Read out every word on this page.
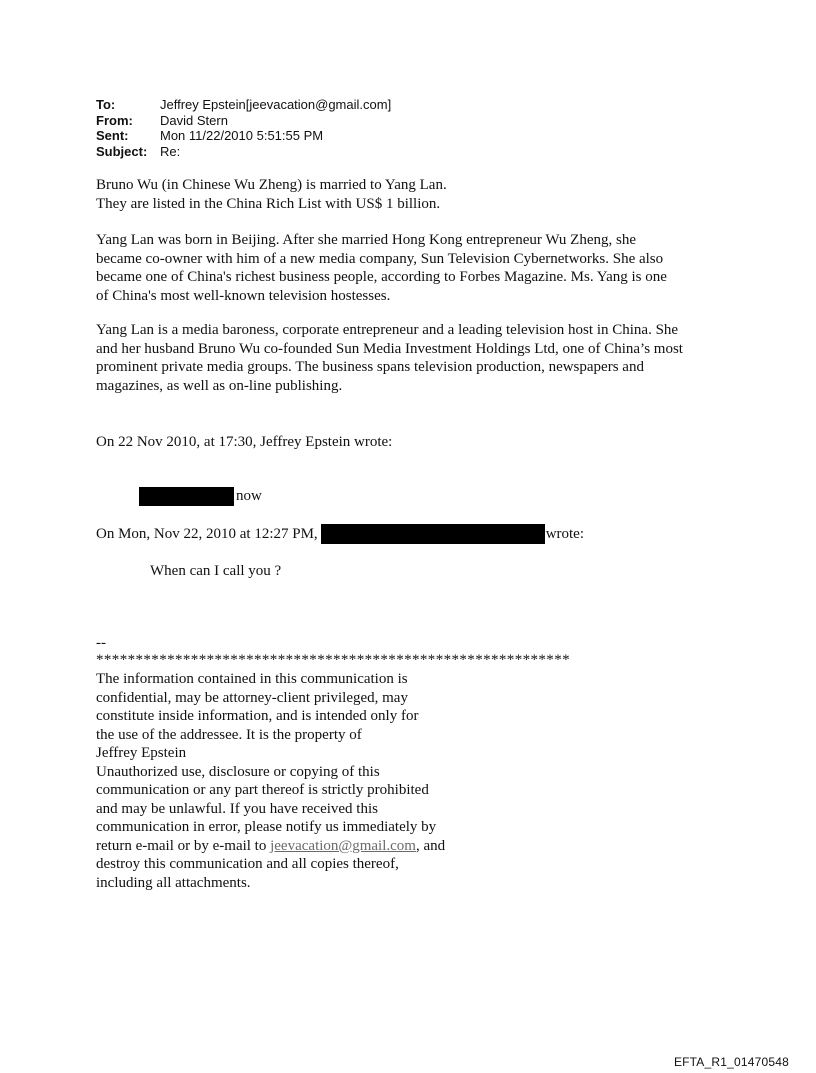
To:	Jeffrey Epstein[jeevacation@gmail.com]
From:	David Stern
Sent:	Mon 11/22/2010 5:51:55 PM
Subject: Re:
Bruno Wu (in Chinese Wu Zheng) is married to Yang Lan.
They are listed in the China Rich List with US$ 1 billion.
Yang Lan was born in Beijing. After she married Hong Kong entrepreneur Wu Zheng, she
became co-owner with him of a new media company, Sun Television Cybernetworks. She also
became one of China's richest business people, according to Forbes Magazine. Ms. Yang is one
of China's most well-known television hostesses.
Yang Lan is a media baroness, corporate entrepreneur and a leading television host in China. She
and her husband Bruno Wu co-founded Sun Media Investment Holdings Ltd, one of China’s most
prominent private media groups. The business spans television production, newspapers and
magazines, as well as on-line publishing.
On 22 Nov 2010, at 17:30, Jeffrey Epstein wrote:
now
On Mon, Nov 22, 2010 at 12:27 PM,	wrote:
When can I call you ?
--
************************************************************
The information contained in this communication is
confidential, may be attorney-client privileged, may
constitute inside information, and is intended only for
the use of the addressee. It is the property of
Jeffrey Epstein
Unauthorized use, disclosure or copying of this
communication or any part thereof is strictly prohibited
and may be unlawful. If you have received this
communication in error, please notify us immediately by
return e-mail or by e-mail to jeevacation@gmail.com, and
destroy this communication and all copies thereof,
including all attachments.
EFTA_R1_01470548
